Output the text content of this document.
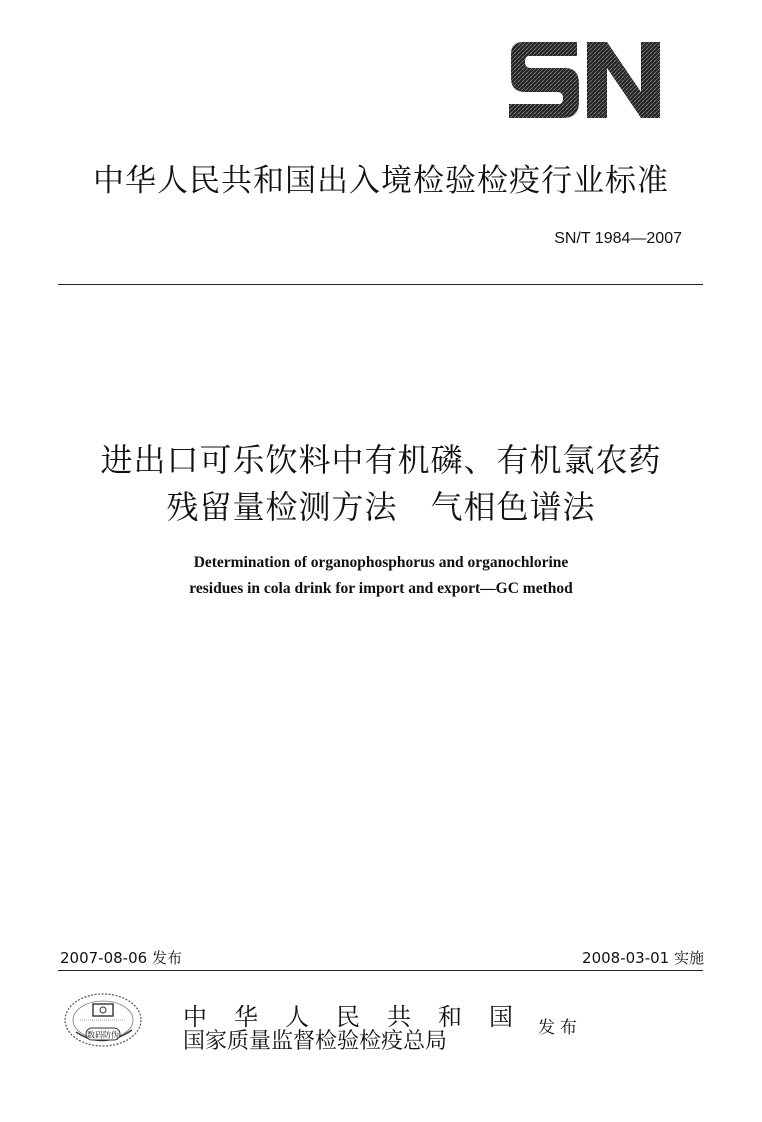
中华人民共和国出入境检验检疫行业标准
SN/T 1984—2007
进出口可乐饮料中有机磷、有机氯农药
残留量检测方法　气相色谱法
Determination of organophosphorus and organochlorine
residues in cola drink for import and export—GC method
2007-08-06 发布	2008-03-01 实施
数码防伪
中华人民共和国
国家质量监督检验检疫总局
发布
